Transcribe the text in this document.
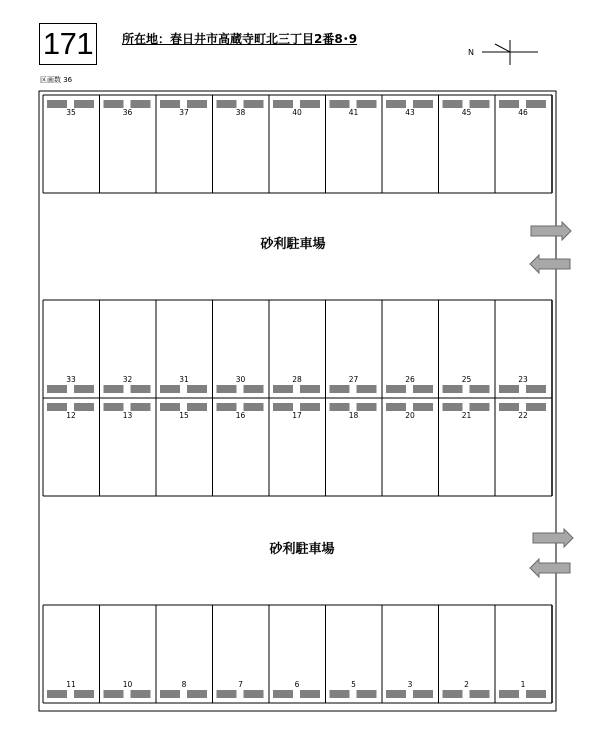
171	所在地：春日井市高蔵寺町北三丁目2番8･9
区画数 36
N
35	36	37	38	40	41	43	45	46
33	32	31	30	28	27	26	25	23
12	13	15	16	17	18	20	21	22
11	10	8	7	6	5	3	2	1
砂利駐車場
砂利駐車場
